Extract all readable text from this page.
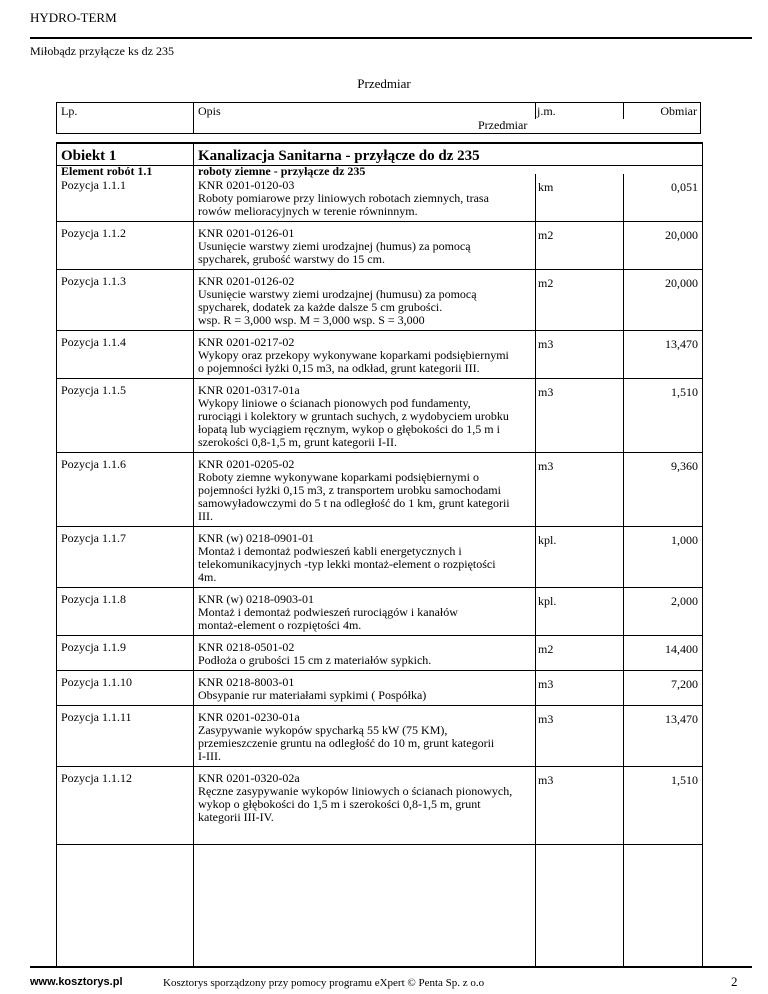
HYDRO-TERM
Miłobądz przyłącze ks dz 235
Przedmiar
Lp.	Opis	j.m.	Obmiar
Przedmiar
Obiekt 1	Kanalizacja Sanitarna - przyłącze do dz 235
Element robót 1.1	roboty ziemne - przyłącze dz 235
Pozycja 1.1.1	KNR 0201-0120-03
Roboty pomiarowe przy liniowych robotach ziemnych, trasa
rowów melioracyjnych w terenie równinnym.
km	0,051
Pozycja 1.1.2	KNR 0201-0126-01
Usunięcie warstwy ziemi urodzajnej (humus) za pomocą
spycharek, grubość warstwy do 15 cm.
m2	20,000
Pozycja 1.1.3	KNR 0201-0126-02
Usunięcie warstwy ziemi urodzajnej (humusu) za pomocą
spycharek, dodatek za każde dalsze 5 cm grubości.
wsp. R = 3,000 wsp. M = 3,000 wsp. S = 3,000
m2	20,000
Pozycja 1.1.4	KNR 0201-0217-02
Wykopy oraz przekopy wykonywane koparkami podsiębiernymi
o pojemności łyżki 0,15 m3, na odkład, grunt kategorii III.
m3	13,470
Pozycja 1.1.5	KNR 0201-0317-01a
Wykopy liniowe o ścianach pionowych pod fundamenty,
rurociągi i kolektory w gruntach suchych, z wydobyciem urobku
łopatą lub wyciągiem ręcznym, wykop o głębokości do 1,5 m i
szerokości 0,8-1,5 m, grunt kategorii I-II.
m3	1,510
Pozycja 1.1.6	KNR 0201-0205-02
Roboty ziemne wykonywane koparkami podsiębiernymi o
pojemności łyżki 0,15 m3, z transportem urobku samochodami
samowyładowczymi do 5 t na odległość do 1 km, grunt kategorii
III.
m3	9,360
Pozycja 1.1.7	KNR (w) 0218-0901-01
Montaż i demontaż podwieszeń kabli energetycznych i
telekomunikacyjnych -typ lekki montaż-element o rozpiętości
4m.
kpl.	1,000
Pozycja 1.1.8	KNR (w) 0218-0903-01
Montaż i demontaż podwieszeń rurociągów i kanałów
montaż-element o rozpiętości 4m.
kpl.	2,000
Pozycja 1.1.9	KNR 0218-0501-02
Podłoża o grubości 15 cm z materiałów sypkich.
m2	14,400
Pozycja 1.1.10	KNR 0218-8003-01
Obsypanie rur materiałami sypkimi ( Pospółka)
m3	7,200
Pozycja 1.1.11	KNR 0201-0230-01a
Zasypywanie wykopów spycharką 55 kW (75 KM),
przemieszczenie gruntu na odległość do 10 m, grunt kategorii
I-III.
m3	13,470
Pozycja 1.1.12	KNR 0201-0320-02a
Ręczne zasypywanie wykopów liniowych o ścianach pionowych,
wykop o głębokości do 1,5 m i szerokości 0,8-1,5 m, grunt
kategorii III-IV.
m3	1,510
www.kosztorys.pl	Kosztorys sporządzony przy pomocy programu eXpert © Penta Sp. z o.o	2
